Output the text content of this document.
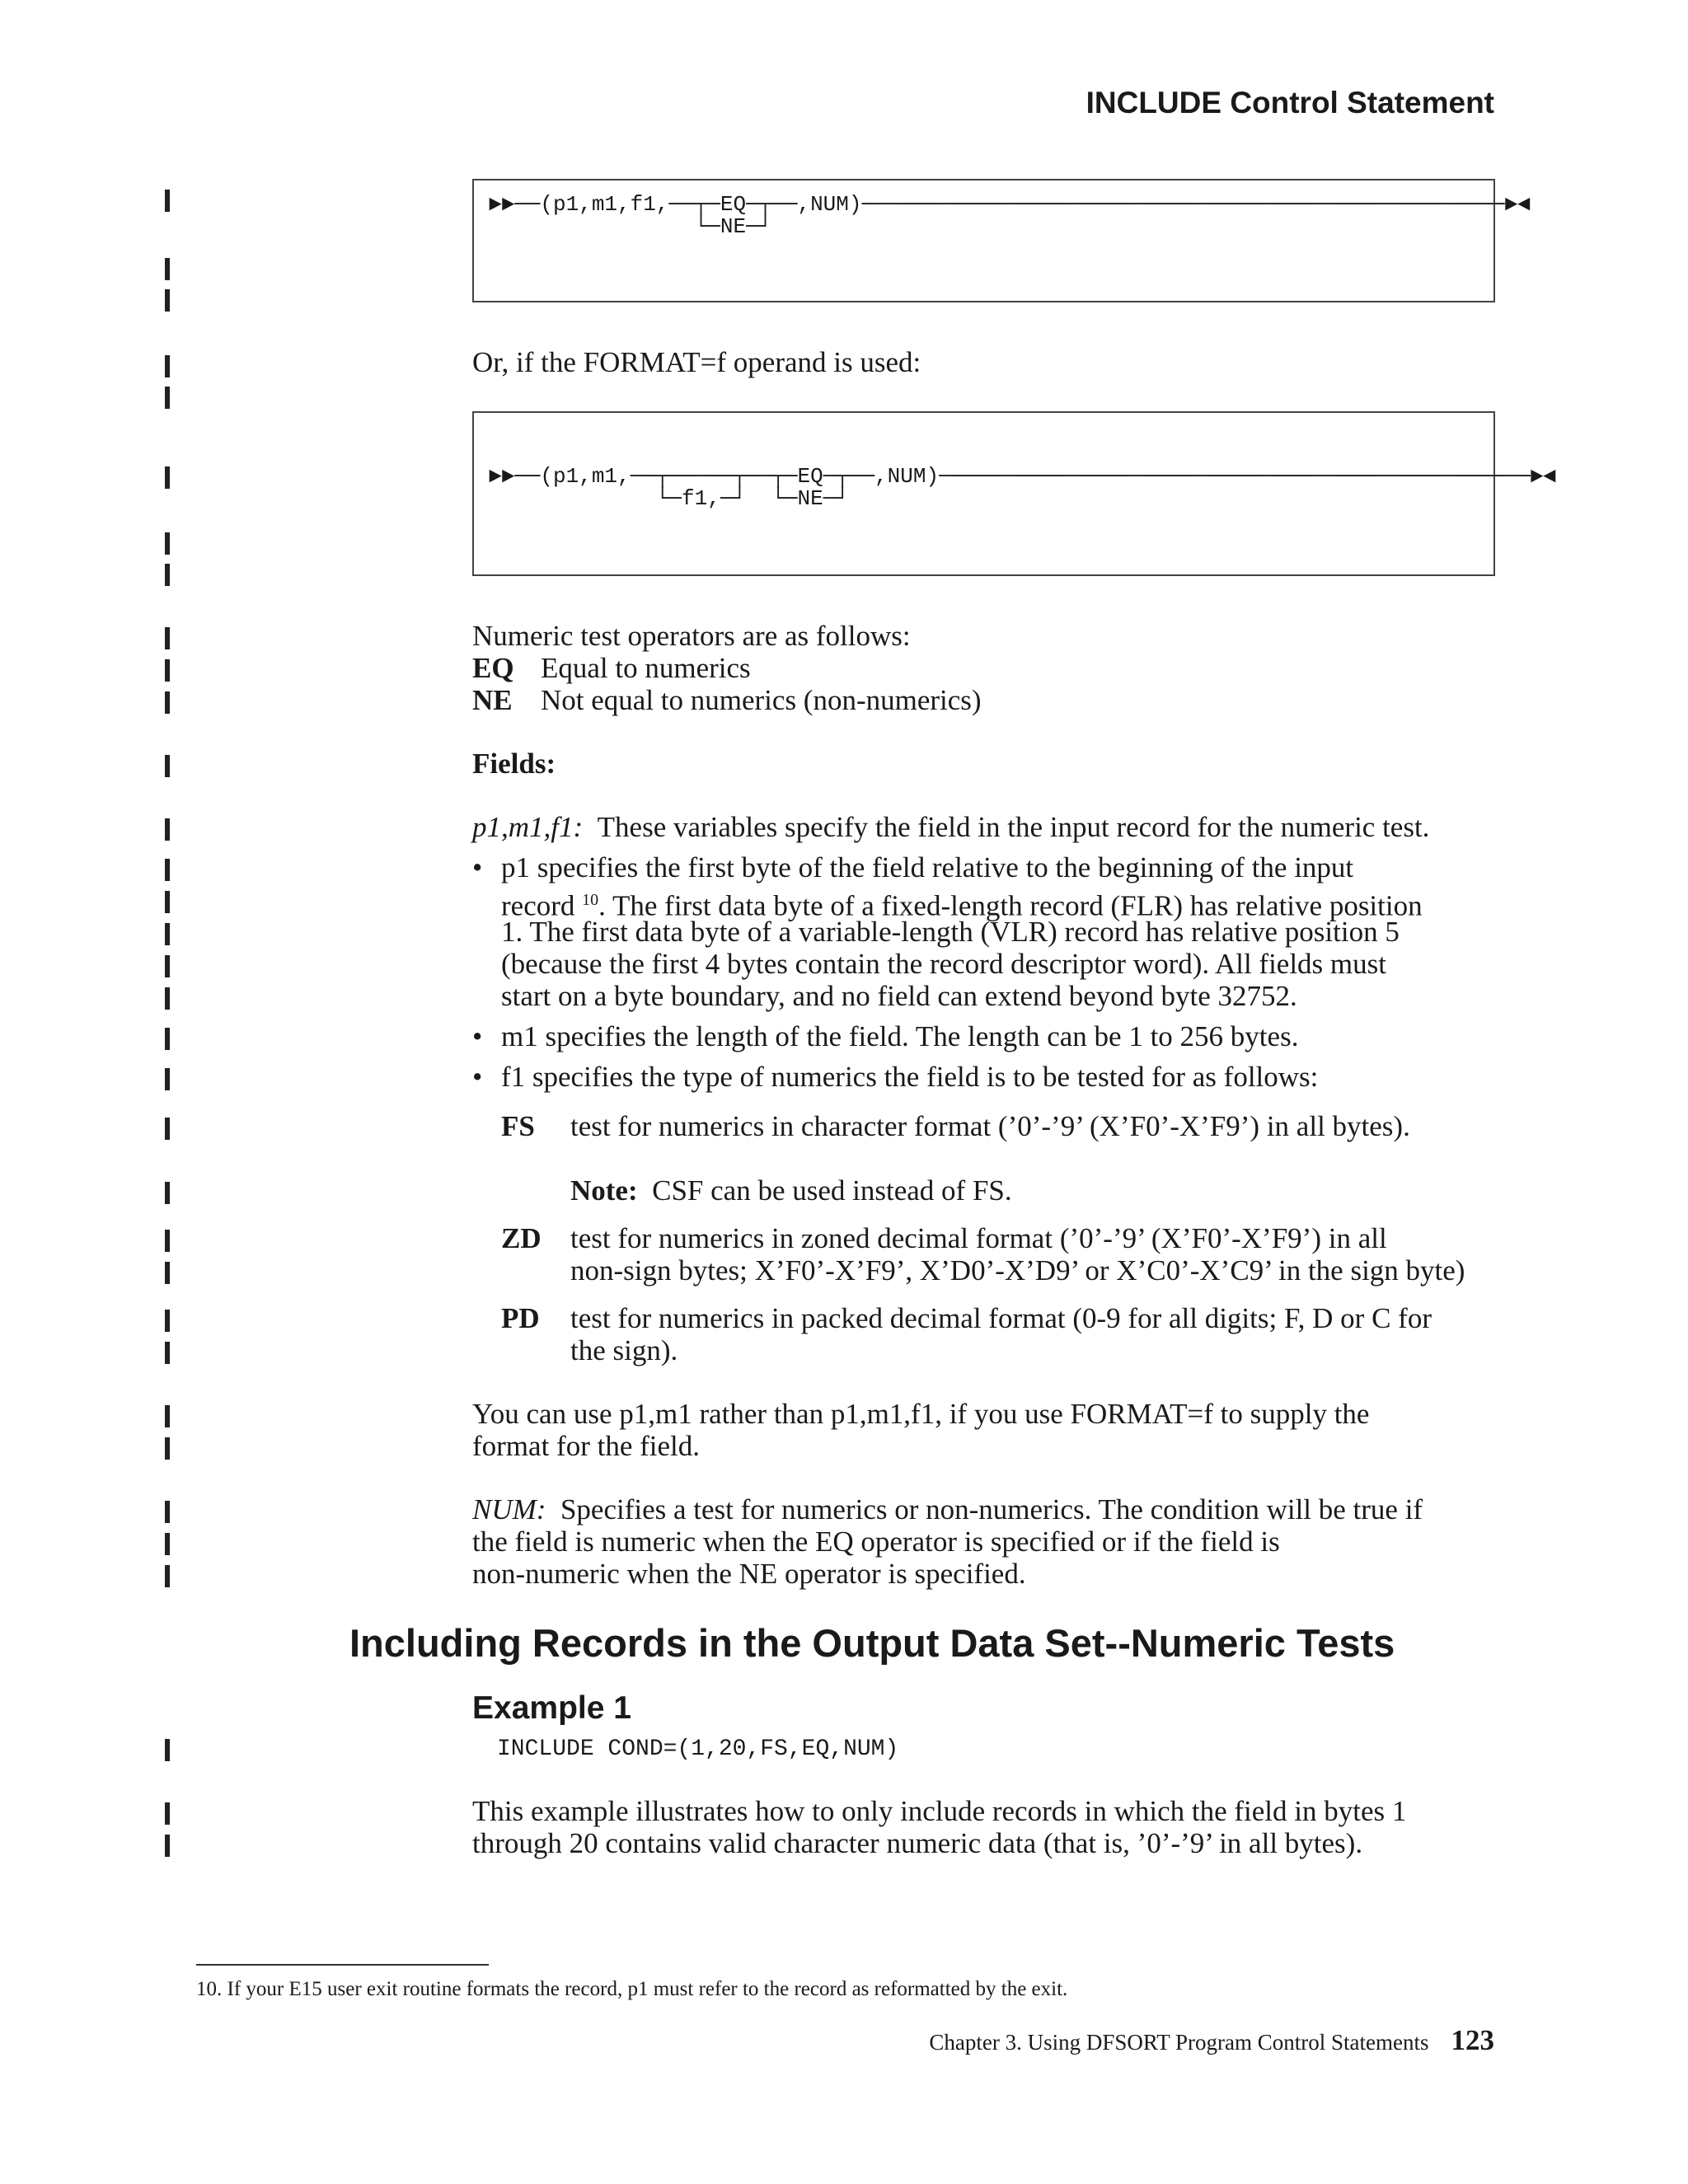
INCLUDE Control Statement
►►──(p1,m1,f1,──┬─EQ─┬──,NUM)──────────────────────────────────────────────────►◄
└─NE─┘
Or, if the FORMAT=f operand is used:
►►──(p1,m1,──┬─────┬──┬─EQ─┬──,NUM)──────────────────────────────────────────────►◄
└─f1,─┘  └─NE─┘
Numeric test operators are as follows:
EQ Equal to numerics
NE Not equal to numerics (non-numerics)
Fields:
p1,m1,f1: These variables specify the field in the input record for the numeric test.
• p1 specifies the first byte of the field relative to the beginning of the input
record $^{10}$. The first data byte of a fixed-length record (FLR) has relative position
1. The first data byte of a variable-length (VLR) record has relative position 5
(because the first 4 bytes contain the record descriptor word). All fields must
start on a byte boundary, and no field can extend beyond byte 32752.
• m1 specifies the length of the field. The length can be 1 to 256 bytes.
• f1 specifies the type of numerics the field is to be tested for as follows:
FS test for numerics in character format (’0’-’9’ (X’F0’-X’F9’) in all bytes).
Note: CSF can be used instead of FS.
ZD test for numerics in zoned decimal format (’0’-’9’ (X’F0’-X’F9’) in all
non-sign bytes; X’F0’-X’F9’, X’D0’-X’D9’ or X’C0’-X’C9’ in the sign byte)
PD test for numerics in packed decimal format (0-9 for all digits; F, D or C for
the sign).
You can use p1,m1 rather than p1,m1,f1, if you use FORMAT=f to supply the
format for the field.
NUM: Specifies a test for numerics or non-numerics. The condition will be true if
the field is numeric when the EQ operator is specified or if the field is
non-numeric when the NE operator is specified.
Including Records in the Output Data Set--Numeric Tests
Example 1
INCLUDE COND=(1,20,FS,EQ,NUM)
This example illustrates how to only include records in which the field in bytes 1
through 20 contains valid character numeric data (that is, ’0’-’9’ in all bytes).
10. If your E15 user exit routine formats the record, p1 must refer to the record as reformatted by the exit.
Chapter 3. Using DFSORT Program Control Statements 123
